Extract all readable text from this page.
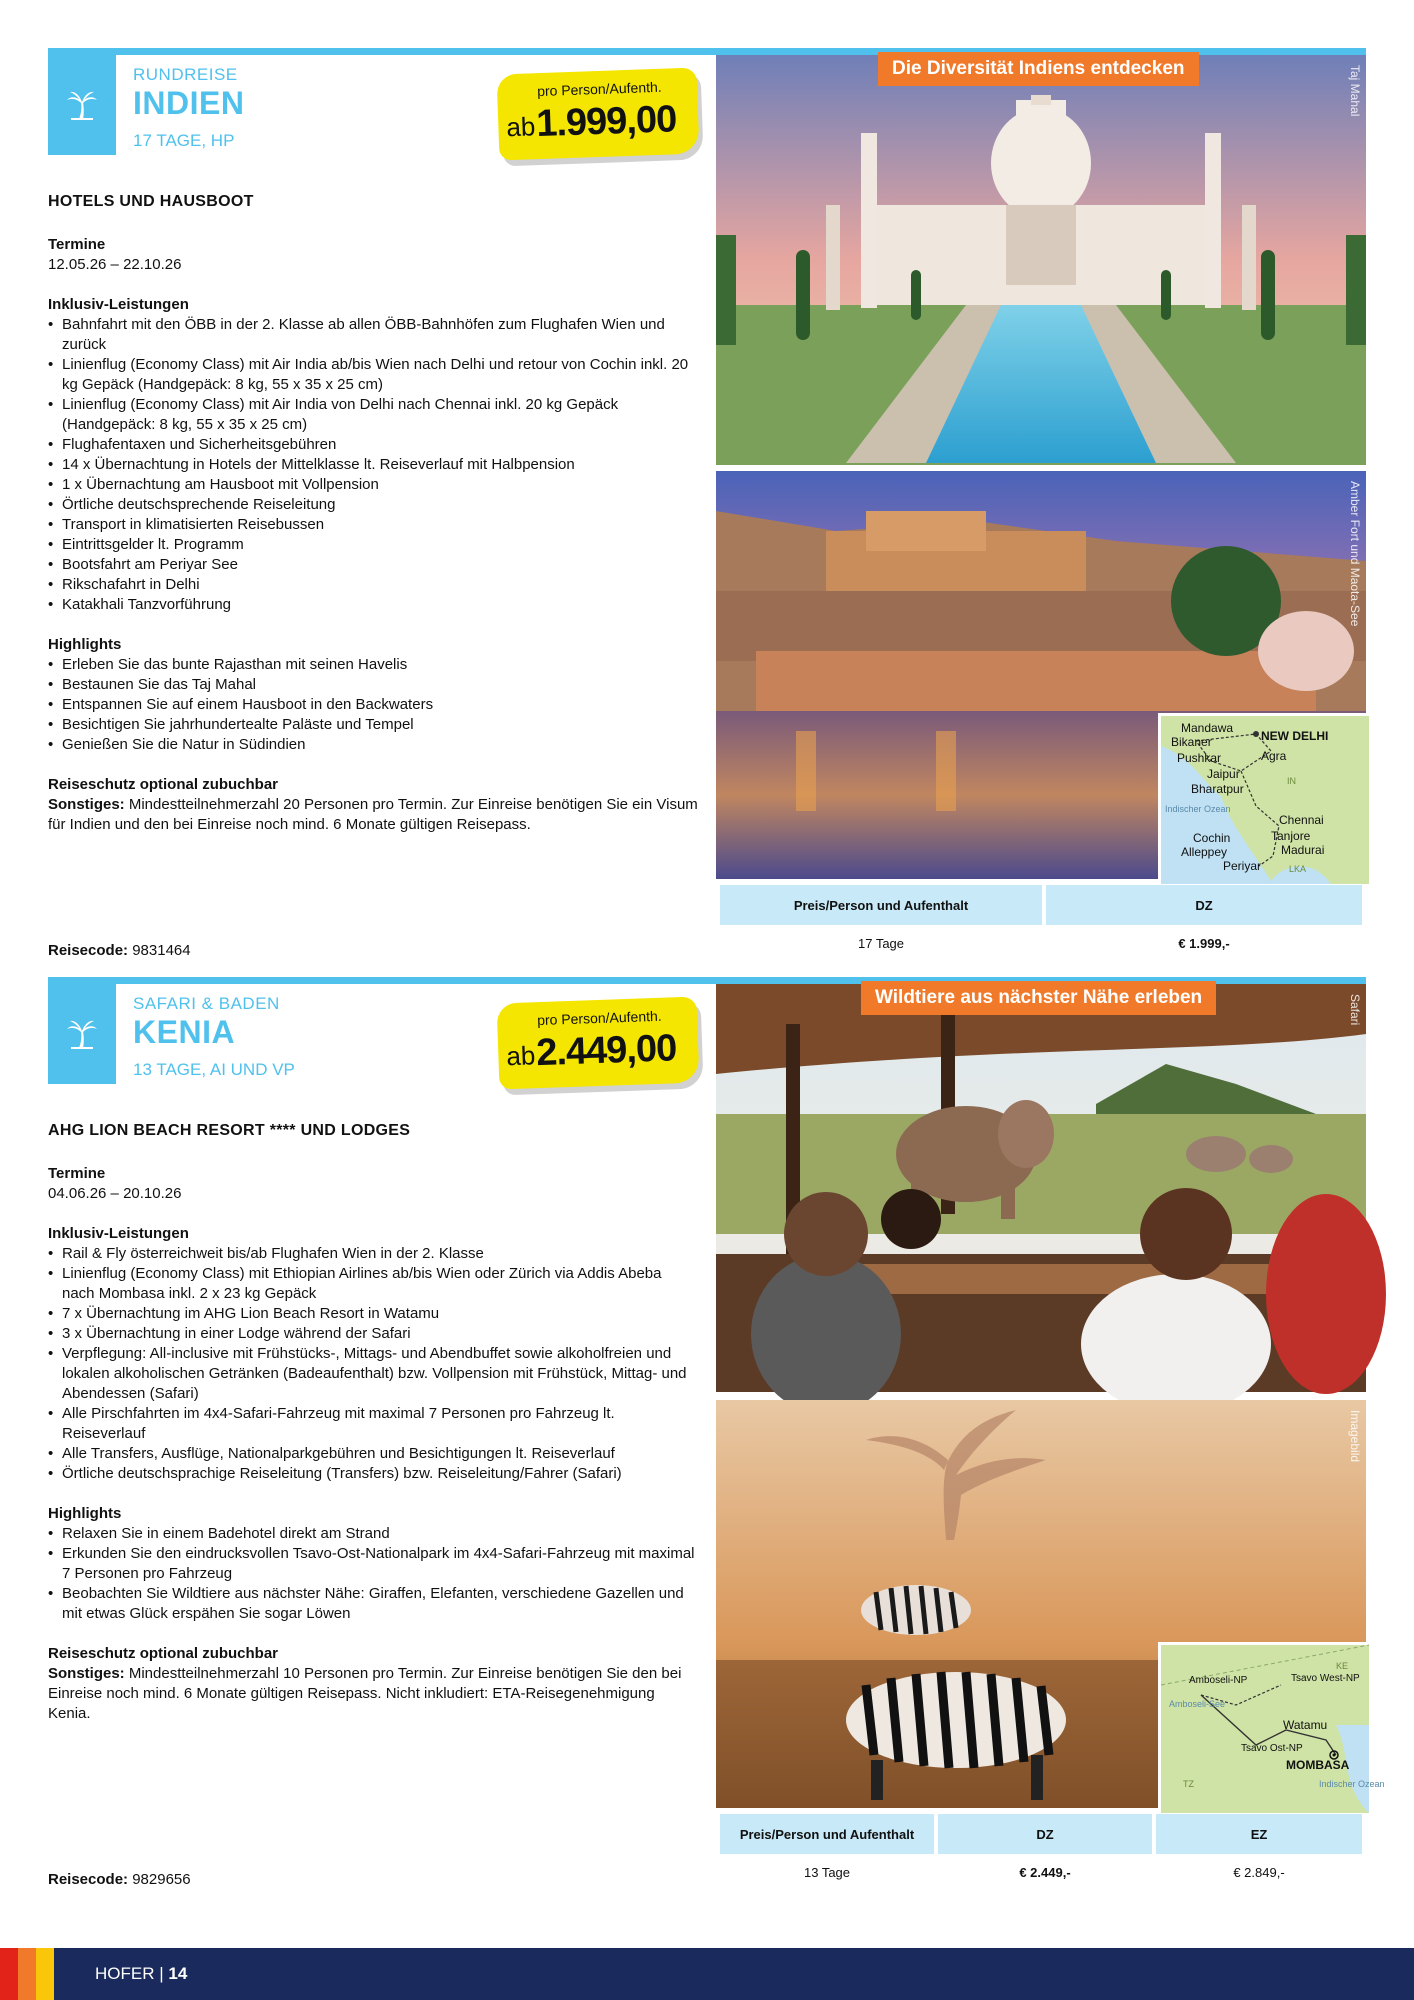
RUNDREISE
INDIEN
17 TAGE, HP
pro Person/Aufenth.
ab 1.999,00
HOTELS UND HAUSBOOT
Termine
12.05.26 – 22.10.26
Inklusiv-Leistungen
• Bahnfahrt mit den ÖBB in der 2. Klasse ab allen ÖBB-Bahnhöfen zum Flughafen Wien und zurück
• Linienflug (Economy Class) mit Air India ab/bis Wien nach Delhi und retour von Cochin inkl. 20 kg Gepäck (Handgepäck: 8 kg, 55 x 35 x 25 cm)
• Linienflug (Economy Class) mit Air India von Delhi nach Chennai inkl. 20 kg Gepäck (Handgepäck: 8 kg, 55 x 35 x 25 cm)
• Flughafentaxen und Sicherheitsgebühren
• 14 x Übernachtung in Hotels der Mittelklasse lt. Reiseverlauf mit Halbpension
• 1 x Übernachtung am Hausboot mit Vollpension
• Örtliche deutschsprechende Reiseleitung
• Transport in klimatisierten Reisebussen
• Eintrittsgelder lt. Programm
• Bootsfahrt am Periyar See
• Rikschafahrt in Delhi
• Katakhali Tanzvorführung
Highlights
• Erleben Sie das bunte Rajasthan mit seinen Havelis
• Bestaunen Sie das Taj Mahal
• Entspannen Sie auf einem Hausboot in den Backwaters
• Besichtigen Sie jahrhundertealte Paläste und Tempel
• Genießen Sie die Natur in Südindien
Reiseschutz optional zubuchbar
Sonstiges: Mindestteilnehmerzahl 20 Personen pro Termin. Zur Einreise benötigen Sie ein Visum für Indien und den bei Einreise noch mind. 6 Monate gültigen Reisepass.
Reisecode: 9831464
Taj Mahal
Die Diversität Indiens entdecken
Amber Fort und Maota-See
Mandawa
Bikaner	NEW DELHI
Pushkar	Agra
Jaipur
Bharatpur
IN
Indischer Ozean
Chennai
Cochin	Tanjore
Alleppey	Madurai
Periyar	LKA
Preis/Person und Aufenthalt	DZ
17 Tage	€ 1.999,-
SAFARI & BADEN
KENIA
13 TAGE, AI UND VP
pro Person/Aufenth.
ab 2.449,00
AHG LION BEACH RESORT **** UND LODGES
Termine
04.06.26 – 20.10.26
Inklusiv-Leistungen
• Rail & Fly österreichweit bis/ab Flughafen Wien in der 2. Klasse
• Linienflug (Economy Class) mit Ethiopian Airlines ab/bis Wien oder Zürich via Addis Abeba nach Mombasa inkl. 2 x 23 kg Gepäck
• 7 x Übernachtung im AHG Lion Beach Resort in Watamu
• 3 x Übernachtung in einer Lodge während der Safari
• Verpflegung: All-inclusive mit Frühstücks-, Mittags- und Abendbuffet sowie alkoholfreien und lokalen alkoholischen Getränken (Badeaufenthalt) bzw. Vollpension mit Frühstück, Mittag- und Abendessen (Safari)
• Alle Pirschfahrten im 4x4-Safari-Fahrzeug mit maximal 7 Personen pro Fahrzeug lt. Reiseverlauf
• Alle Transfers, Ausflüge, Nationalparkgebühren und Besichtigungen lt. Reiseverlauf
• Örtliche deutschsprachige Reiseleitung (Transfers) bzw. Reiseleitung/Fahrer (Safari)
Highlights
• Relaxen Sie in einem Badehotel direkt am Strand
• Erkunden Sie den eindrucksvollen Tsavo-Ost-Nationalpark im 4x4-Safari-Fahrzeug mit maximal 7 Personen pro Fahrzeug
• Beobachten Sie Wildtiere aus nächster Nähe: Giraffen, Elefanten, verschiedene Gazellen und mit etwas Glück erspähen Sie sogar Löwen
Reiseschutz optional zubuchbar
Sonstiges: Mindestteilnehmerzahl 10 Personen pro Termin. Zur Einreise benötigen Sie den bei Einreise noch mind. 6 Monate gültigen Reisepass. Nicht inkludiert: ETA-Reisegenehmigung Kenia.
Reisecode: 9829656
Safari
Wildtiere aus nächster Nähe erleben
Imagebild
KE
Amboseli-NP	Tsavo West-NP
Amboseli-See
Watamu
Tsavo Ost-NP
MOMBASA
TZ	Indischer Ozean
Preis/Person und Aufenthalt	DZ	EZ
13 Tage	€ 2.449,-	€ 2.849,-
HOFER | 14
